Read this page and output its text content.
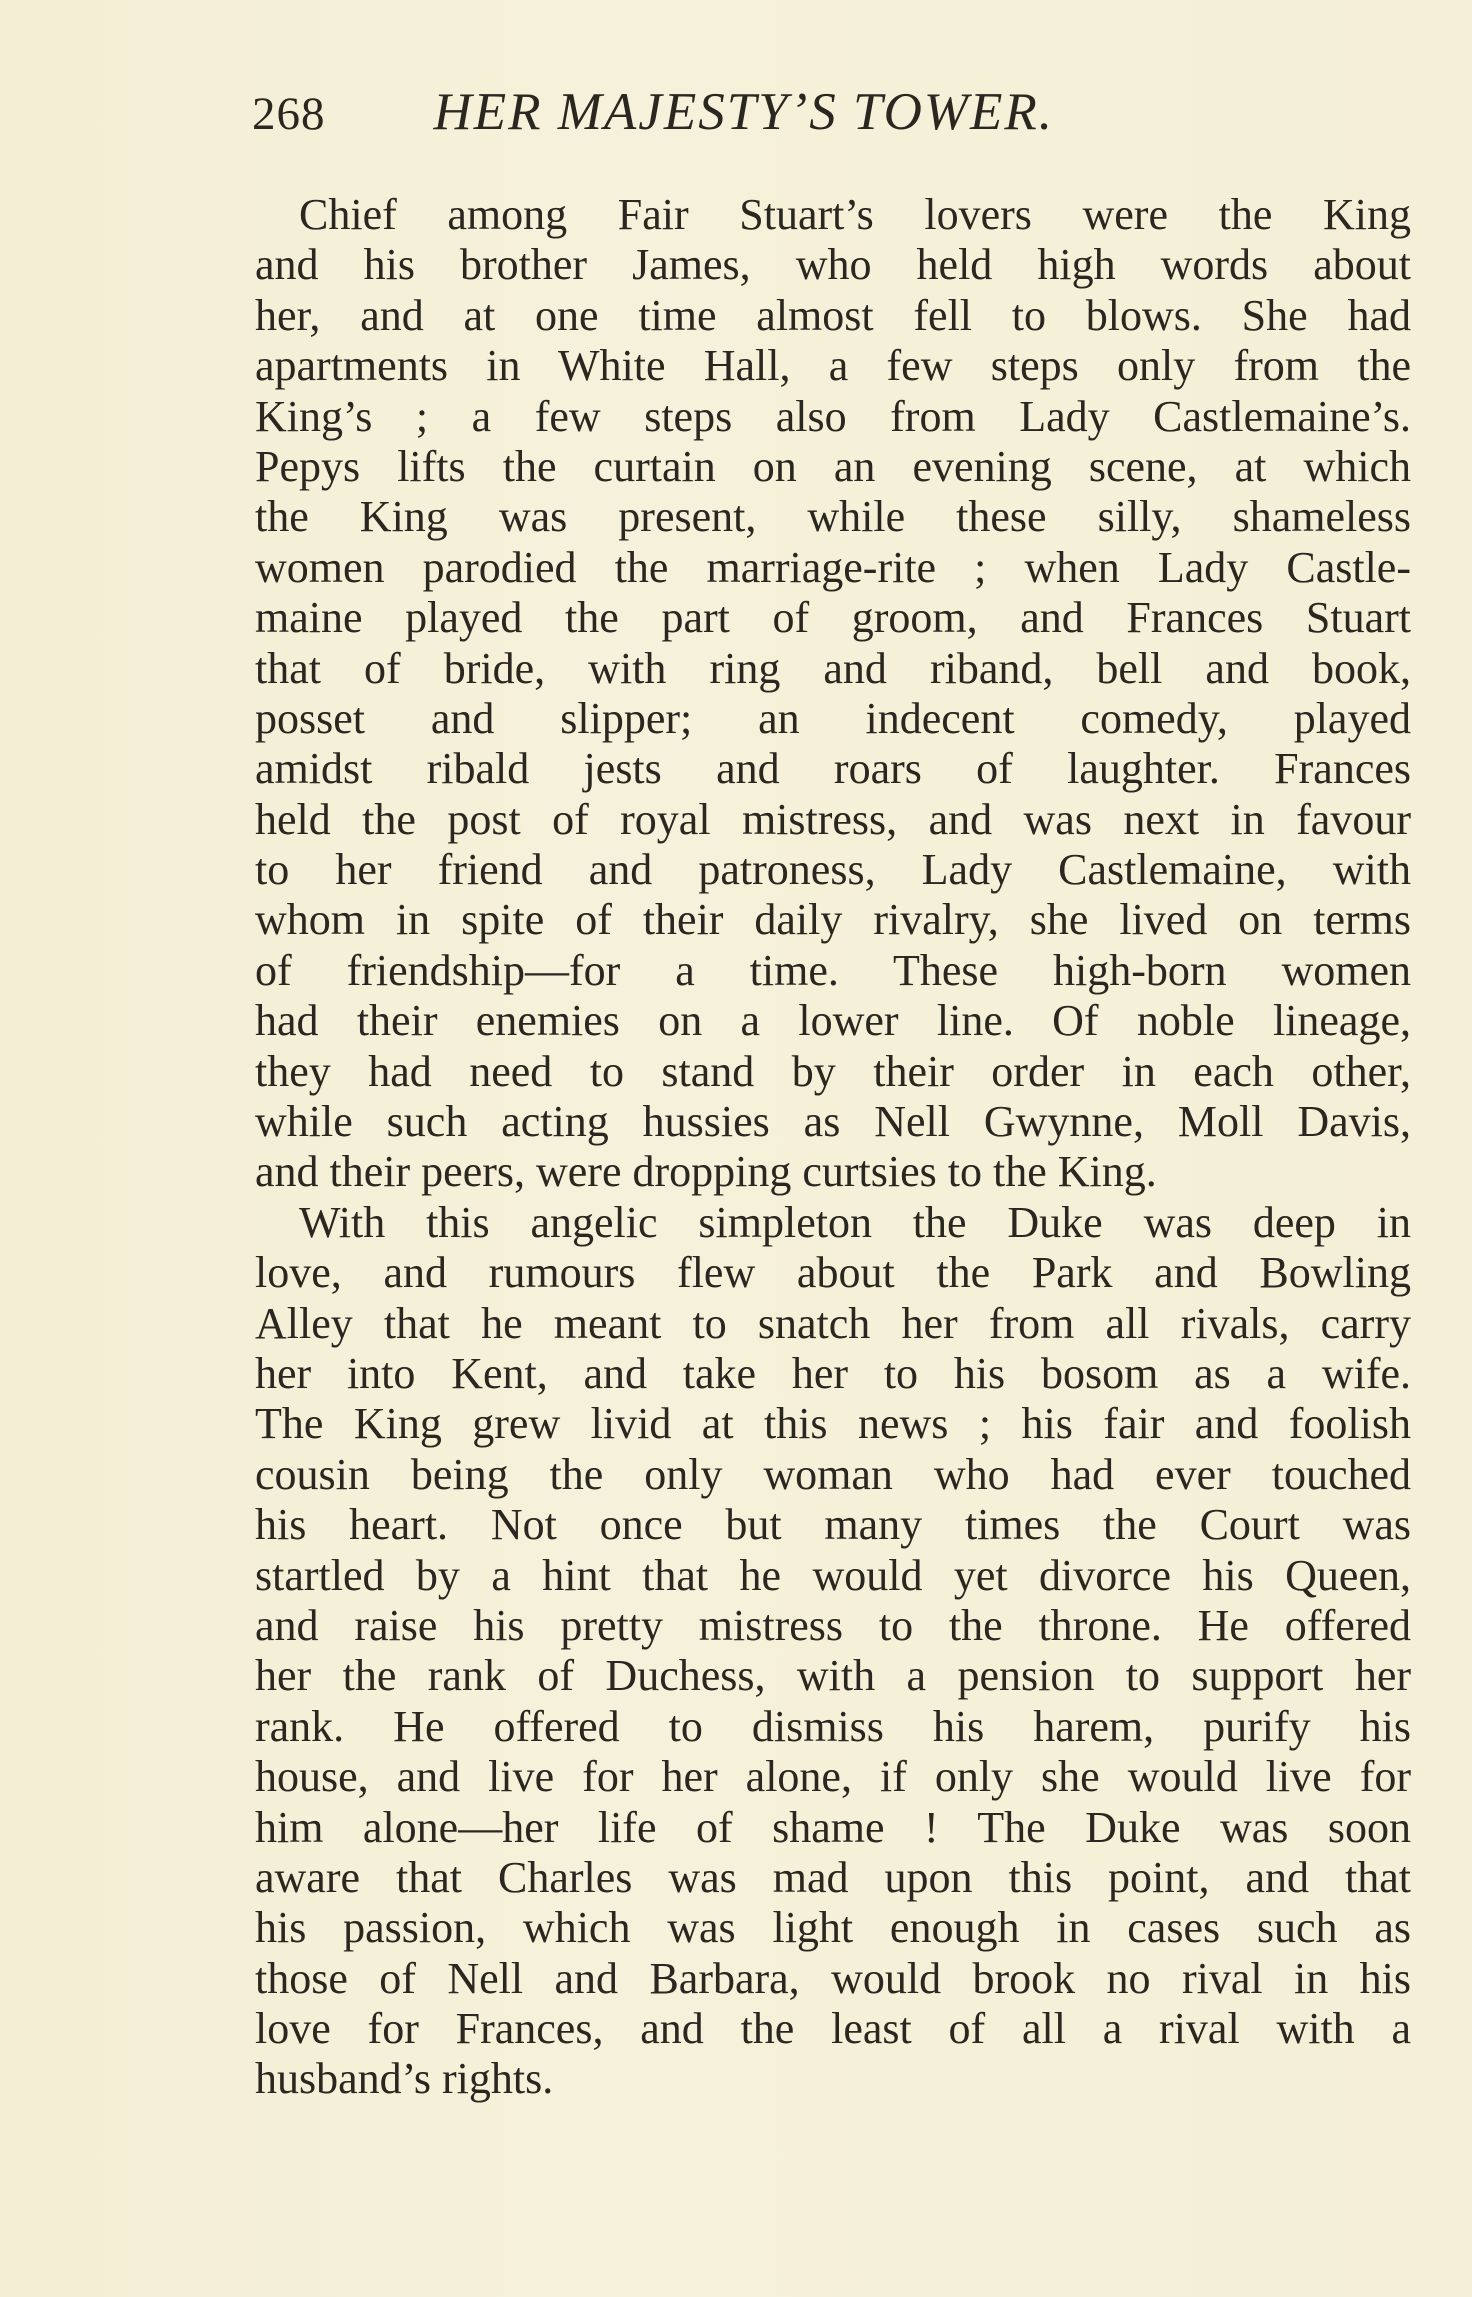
268 HER MAJESTY’S TOWER.
Chief among Fair Stuart’s lovers were the King
and his brother James, who held high words about
her, and at one time almost fell to blows. She had
apartments in White Hall, a few steps only from the
King’s ; a few steps also from Lady Castlemaine’s.
Pepys lifts the curtain on an evening scene, at which
the King was present, while these silly, shameless
women parodied the marriage-rite ; when Lady Castle-
maine played the part of groom, and Frances Stuart
that of bride, with ring and riband, bell and book,
posset and slipper; an indecent comedy, played
amidst ribald jests and roars of laughter. Frances
held the post of royal mistress, and was next in favour
to her friend and patroness, Lady Castlemaine, with
whom in spite of their daily rivalry, she lived on terms
of friendship—for a time. These high-born women
had their enemies on a lower line. Of noble lineage,
they had need to stand by their order in each other,
while such acting hussies as Nell Gwynne, Moll Davis,
and their peers, were dropping curtsies to the King.
With this angelic simpleton the Duke was deep in
love, and rumours flew about the Park and Bowling
Alley that he meant to snatch her from all rivals, carry
her into Kent, and take her to his bosom as a wife.
The King grew livid at this news ; his fair and foolish
cousin being the only woman who had ever touched
his heart. Not once but many times the Court was
startled by a hint that he would yet divorce his Queen,
and raise his pretty mistress to the throne. He offered
her the rank of Duchess, with a pension to support her
rank. He offered to dismiss his harem, purify his
house, and live for her alone, if only she would live for
him alone—her life of shame ! The Duke was soon
aware that Charles was mad upon this point, and that
his passion, which was light enough in cases such as
those of Nell and Barbara, would brook no rival in his
love for Frances, and the least of all a rival with a
husband’s rights.
